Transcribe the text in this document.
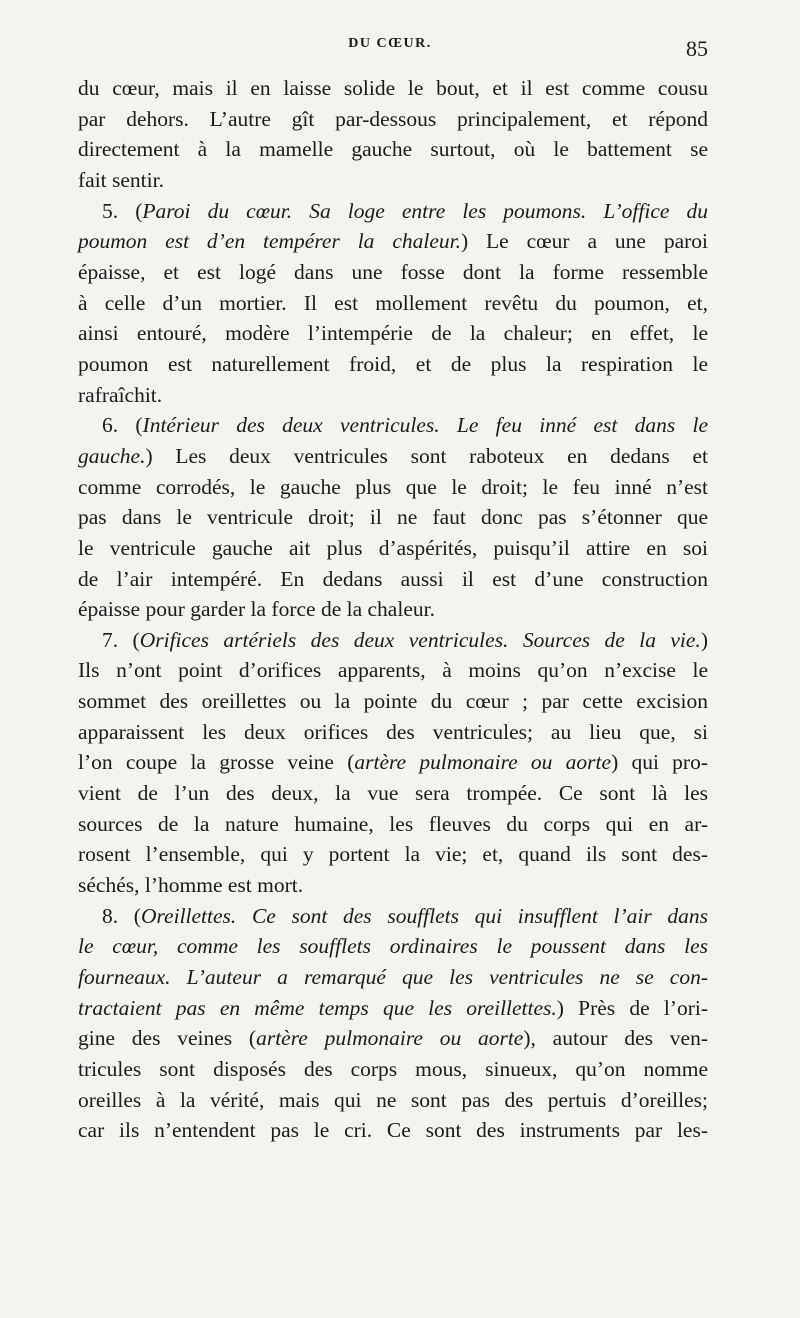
DU CŒUR.	85
du cœur, mais il en laisse solide le bout, et il est comme cousu
par dehors. L’autre gît par-dessous principalement, et répond
directement à la mamelle gauche surtout, où le battement se
fait sentir.
5. (Paroi du cœur. Sa loge entre les poumons. L’office du
poumon est d’en tempérer la chaleur.) Le cœur a une paroi
épaisse, et est logé dans une fosse dont la forme ressemble
à celle d’un mortier. Il est mollement revêtu du poumon, et,
ainsi entouré, modère l’intempérie de la chaleur; en effet, le
poumon est naturellement froid, et de plus la respiration le
rafraîchit.
6. (Intérieur des deux ventricules. Le feu inné est dans le
gauche.) Les deux ventricules sont raboteux en dedans et
comme corrodés, le gauche plus que le droit; le feu inné n’est
pas dans le ventricule droit; il ne faut donc pas s’étonner que
le ventricule gauche ait plus d’aspérités, puisqu’il attire en soi
de l’air intempéré. En dedans aussi il est d’une construction
épaisse pour garder la force de la chaleur.
7. (Orifices artériels des deux ventricules. Sources de la vie.)
Ils n’ont point d’orifices apparents, à moins qu’on n’excise le
sommet des oreillettes ou la pointe du cœur ; par cette excision
apparaissent les deux orifices des ventricules; au lieu que, si
l’on coupe la grosse veine (artère pulmonaire ou aorte) qui pro-
vient de l’un des deux, la vue sera trompée. Ce sont là les
sources de la nature humaine, les fleuves du corps qui en ar-
rosent l’ensemble, qui y portent la vie; et, quand ils sont des-
séchés, l’homme est mort.
8. (Oreillettes. Ce sont des soufflets qui insufflent l’air dans
le cœur, comme les soufflets ordinaires le poussent dans les
fourneaux. L’auteur a remarqué que les ventricules ne se con-
tractaient pas en même temps que les oreillettes.) Près de l’ori-
gine des veines (artère pulmonaire ou aorte), autour des ven-
tricules sont disposés des corps mous, sinueux, qu’on nomme
oreilles à la vérité, mais qui ne sont pas des pertuis d’oreilles;
car ils n’entendent pas le cri. Ce sont des instruments par les-
